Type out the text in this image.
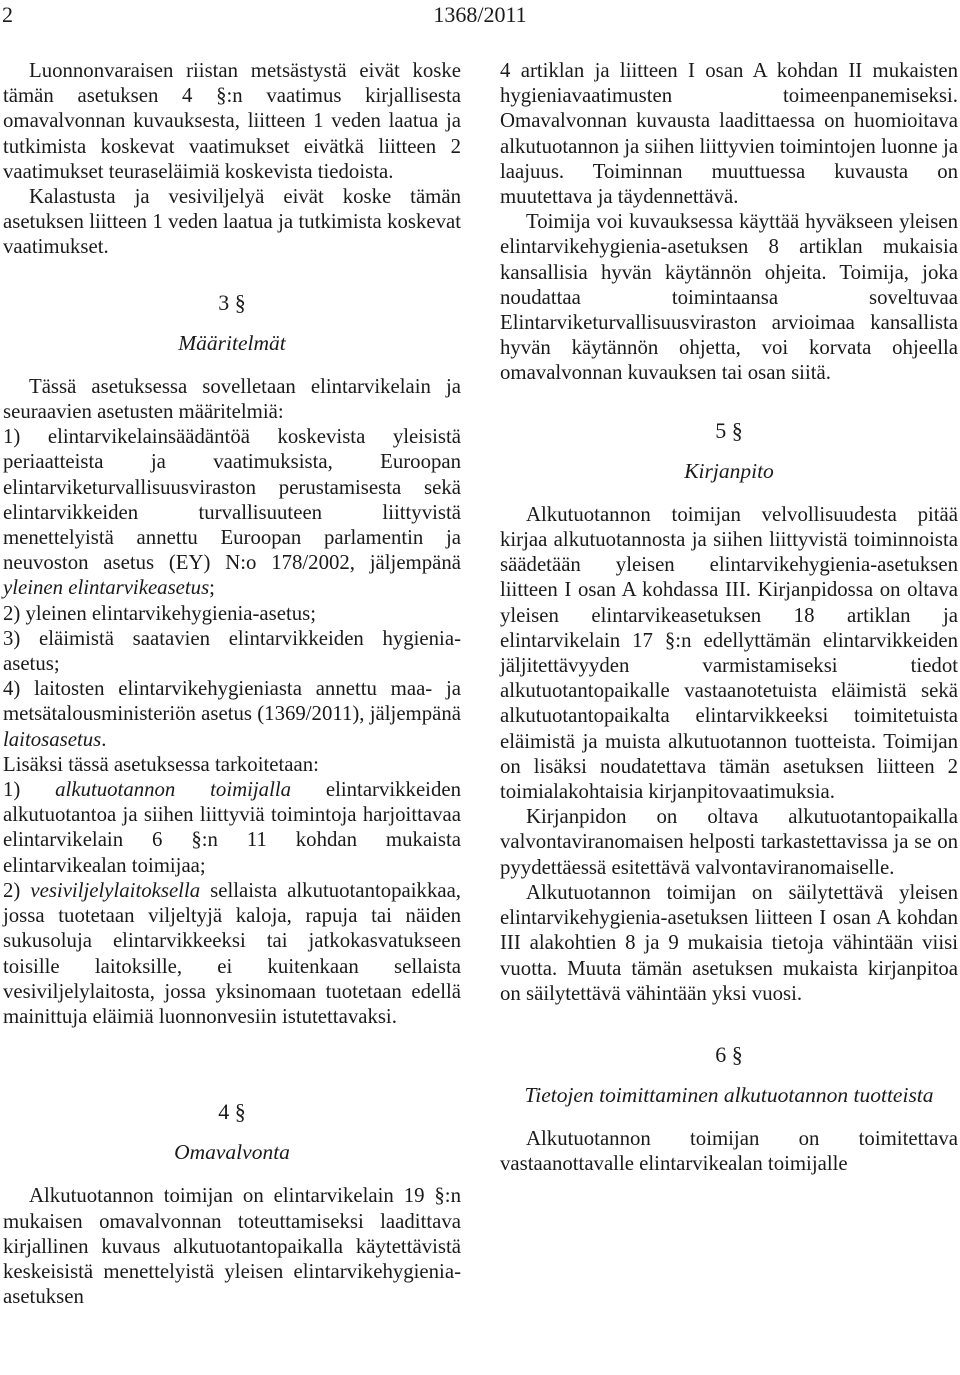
2	1368/2011

Luonnonvaraisen riistan metsästystä eivät koske tämän asetuksen 4 §:n vaatimus kirjallisesta omavalvonnan kuvauksesta, liitteen 1 veden laatua ja tutkimista koskevat vaatimukset eivätkä liitteen 2 vaatimukset teuraseläimiä koskevista tiedoista.

Kalastusta ja vesiviljelyä eivät koske tämän asetuksen liitteen 1 veden laatua ja tutkimista koskevat vaatimukset.

3 §

Määritelmät

Tässä asetuksessa sovelletaan elintarvikelain ja seuraavien asetusten määritelmiä:

1) elintarvikelainsäädäntöä koskevista yleisistä periaatteista ja vaatimuksista, Euroopan elintarviketurvallisuusviraston perustamisesta sekä elintarvikkeiden turvallisuuteen liittyvistä menettelyistä annettu Euroopan parlamentin ja neuvoston asetus (EY) N:o 178/2002, jäljempänä yleinen elintarvikeasetus;

2) yleinen elintarvikehygienia-asetus;

3) eläimistä saatavien elintarvikkeiden hygienia-asetus;

4) laitosten elintarvikehygieniasta annettu maa- ja metsätalousministeriön asetus (1369/2011), jäljempänä laitosasetus.

Lisäksi tässä asetuksessa tarkoitetaan:

1) alkutuotannon toimijalla elintarvikkeiden alkutuotantoa ja siihen liittyviä toimintoja harjoittavaa elintarvikelain 6 §:n 11 kohdan mukaista elintarvikealan toimijaa;

2) vesiviljelylaitoksella sellaista alkutuotantopaikkaa, jossa tuotetaan viljeltyjä kaloja, rapuja tai näiden sukusoluja elintarvikkeeksi tai jatkokasvatukseen toisille laitoksille, ei kuitenkaan sellaista vesiviljelylaitosta, jossa yksinomaan tuotetaan edellä mainittuja eläimiä luonnonvesiin istutettavaksi.

4 §

Omavalvonta

Alkutuotannon toimijan on elintarvikelain 19 §:n mukaisen omavalvonnan toteuttamiseksi laadittava kirjallinen kuvaus alkutuotantopaikalla käytettävistä keskeisistä menettelyistä yleisen elintarvikehygienia-asetuksen

4 artiklan ja liitteen I osan A kohdan II mukaisten hygieniavaatimusten toimeenpanemiseksi. Omavalvonnan kuvausta laadittaessa on huomioitava alkutuotannon ja siihen liittyvien toimintojen luonne ja laajuus. Toiminnan muuttuessa kuvausta on muutettava ja täydennettävä.

Toimija voi kuvauksessa käyttää hyväkseen yleisen elintarvikehygienia-asetuksen 8 artiklan mukaisia kansallisia hyvän käytännön ohjeita. Toimija, joka noudattaa toimintaansa soveltuvaa Elintarviketurvallisuusviraston arvioimaa kansallista hyvän käytännön ohjetta, voi korvata ohjeella omavalvonnan kuvauksen tai osan siitä.

5 §

Kirjanpito

Alkutuotannon toimijan velvollisuudesta pitää kirjaa alkutuotannosta ja siihen liittyvistä toiminnoista säädetään yleisen elintarvikehygienia-asetuksen liitteen I osan A kohdassa III. Kirjanpidossa on oltava yleisen elintarvikeasetuksen 18 artiklan ja elintarvikelain 17 §:n edellyttämän elintarvikkeiden jäljitettävyyden varmistamiseksi tiedot alkutuotantopaikalle vastaanotetuista eläimistä sekä alkutuotantopaikalta elintarvikkeeksi toimitetuista eläimistä ja muista alkutuotannon tuotteista. Toimijan on lisäksi noudatettava tämän asetuksen liitteen 2 toimialakohtaisia kirjanpitovaatimuksia.

Kirjanpidon on oltava alkutuotantopaikalla valvontaviranomaisen helposti tarkastettavissa ja se on pyydettäessä esitettävä valvontaviranomaiselle.

Alkutuotannon toimijan on säilytettävä yleisen elintarvikehygienia-asetuksen liitteen I osan A kohdan III alakohtien 8 ja 9 mukaisia tietoja vähintään viisi vuotta. Muuta tämän asetuksen mukaista kirjanpitoa on säilytettävä vähintään yksi vuosi.

6 §

Tietojen toimittaminen alkutuotannon tuotteista

Alkutuotannon toimijan on toimitettava vastaanottavalle elintarvikealan toimijalle
